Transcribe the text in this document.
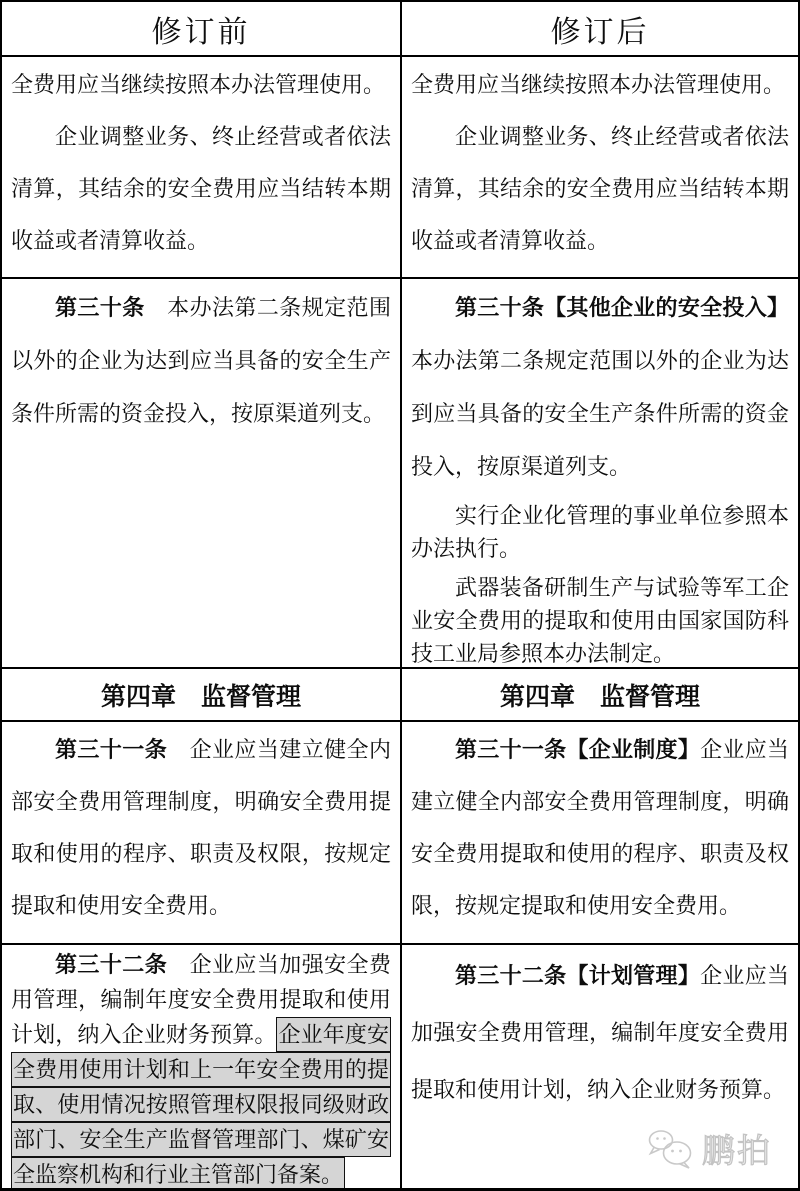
修订前	修订后

全费用应当继续按照本办法管理使用。

企业调整业务、终止经营或者依法清算，其结余的安全费用应当结转本期收益或者清算收益。

全费用应当继续按照本办法管理使用。

企业调整业务、终止经营或者依法清算，其结余的安全费用应当结转本期收益或者清算收益。

第三十条　本办法第二条规定范围以外的企业为达到应当具备的安全生产条件所需的资金投入，按原渠道列支。

第三十条【其他企业的安全投入】本办法第二条规定范围以外的企业为达到应当具备的安全生产条件所需的资金投入，按原渠道列支。

实行企业化管理的事业单位参照本办法执行。

武器装备研制生产与试验等军工企业安全费用的提取和使用由国家国防科技工业局参照本办法制定。

第四章　监督管理	第四章　监督管理

第三十一条　企业应当建立健全内部安全费用管理制度，明确安全费用提取和使用的程序、职责及权限，按规定提取和使用安全费用。

第三十一条【企业制度】企业应当建立健全内部安全费用管理制度，明确安全费用提取和使用的程序、职责及权限，按规定提取和使用安全费用。

第三十二条　企业应当加强安全费用管理，编制年度安全费用提取和使用计划，纳入企业财务预算。企业年度安全费用使用计划和上一年安全费用的提取、使用情况按照管理权限报同级财政部门、安全生产监督管理部门、煤矿安全监察机构和行业主管部门备案。

第三十二条【计划管理】企业应当加强安全费用管理，编制年度安全费用提取和使用计划，纳入企业财务预算。

鹏拍
